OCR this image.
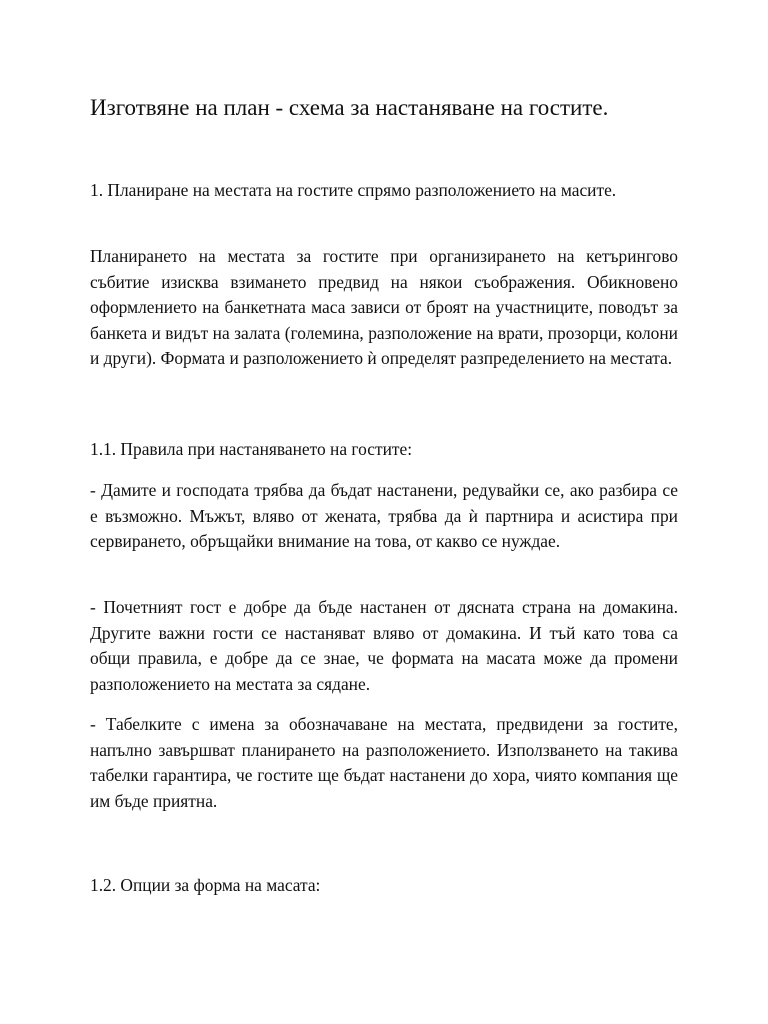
Изготвяне на план - схема за настаняване на гостите.

1. Планиране на местата на гостите спрямо разположението на масите.

Планирането на местата за гостите при организирането на кетърингово събитие изисква взимането предвид на някои съображения. Обикновено оформлението на банкетната маса зависи от броят на участниците, поводът за банкета и видът на залата (големина, разположение на врати, прозорци, колони и други). Формата и разположението ѝ определят разпределението на местата.

1.1. Правила при настаняването на гостите:

- Дамите и господата трябва да бъдат настанени, редувайки се, ако разбира се е възможно. Мъжът, вляво от жената, трябва да ѝ партнира и асистира при сервирането, обръщайки внимание на това, от какво се нуждае.

- Почетният гост е добре да бъде настанен от дясната страна на домакина. Другите важни гости се настаняват вляво от домакина. И тъй като това са общи правила, е добре да се знае, че формата на масата може да промени разположението на местата за сядане.

- Табелките с имена за обозначаване на местата, предвидени за гостите, напълно завършват планирането на разположението. Използването на такива табелки гарантира, че гостите ще бъдат настанени до хора, чиято компания ще им бъде приятна.

1.2. Опции за форма на масата:
